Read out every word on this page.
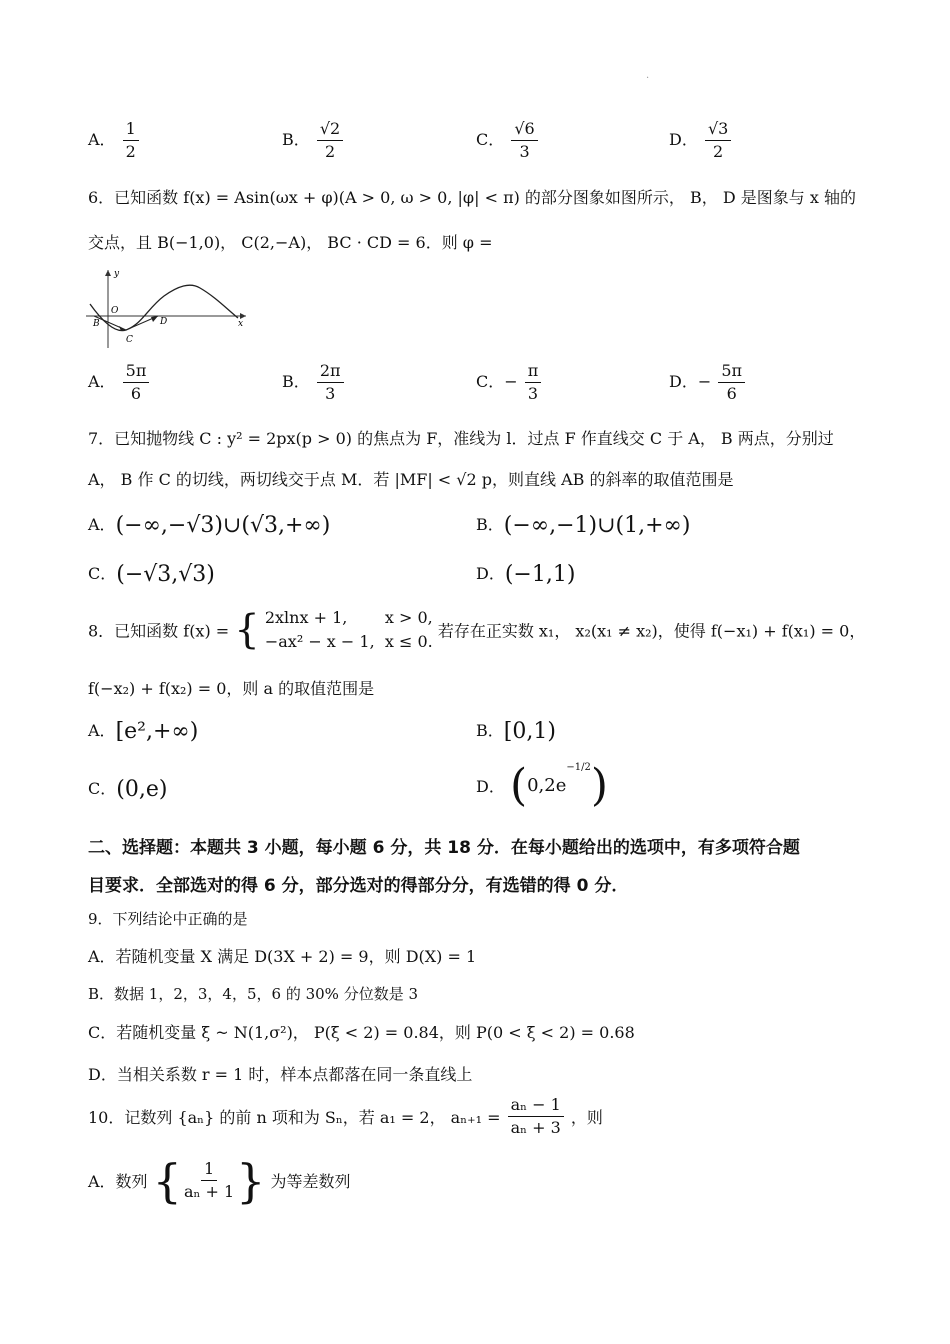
.
A． $\frac{1}{2}$	B． $\frac{√2}{2}$	C． $\frac{√6}{3}$	D． $\frac{√3}{2}$
6．已知函数 f(x) = Asin(ωx + φ)(A > 0, ω > 0, |φ| < π) 的部分图象如图所示， B， D 是图象与 x 轴的
交点，且 B(−1,0)， C(2,−A)， BC · CD = 6．则 φ =
y
x
O
B
C
D
A． $\frac{5\pi}{6}$	B． $\frac{2\pi}{3}$	C．− $\frac{\pi}{3}$	D．− $\frac{5\pi}{6}$
7．已知抛物线 C : y² = 2px(p > 0) 的焦点为 F，准线为 l．过点 F 作直线交 C 于 A， B 两点，分别过
A， B 作 C 的切线，两切线交于点 M．若 |MF| < √2 p，则直线 AB 的斜率的取值范围是
A．(−∞,−√3)∪(√3,+∞)	B．(−∞,−1)∪(1,+∞)
C．(−√3,√3)	D．(−1,1)
8．已知函数 f(x) = { 2xlnx + 1, x > 0,
−ax² − x − 1, x ≤ 0. 若存在正实数 x₁， x₂(x₁ ≠ x₂)，使得 f(−x₁) + f(x₁) = 0，
f(−x₂) + f(x₂) = 0，则 a 的取值范围是
A．[e²,+∞)	B．[0,1)
C．(0,e)	D． $(0,2e^{-1/2})$
二、选择题：本题共 3 小题，每小题 6 分，共 18 分．在每小题给出的选项中，有多项符合题
目要求．全部选对的得 6 分，部分选对的得部分分，有选错的得 0 分．
9．下列结论中正确的是
A．若随机变量 X 满足 D(3X + 2) = 9，则 D(X) = 1
B．数据 1，2，3，4，5，6 的 30% 分位数是 3
C．若随机变量 ξ ~ N(1,σ²)， P(ξ < 2) = 0.84，则 P(0 < ξ < 2) = 0.68
D．当相关系数 r = 1 时，样本点都落在同一条直线上
10．记数列 {aₙ} 的前 n 项和为 Sₙ，若 a₁ = 2， $a_{n+1} = \frac{\text{aₙ − 1}}{\text{aₙ + 3}}$ ，则
A．数列 { $\frac{1}{\text{aₙ + 1}}$ } 为等差数列
